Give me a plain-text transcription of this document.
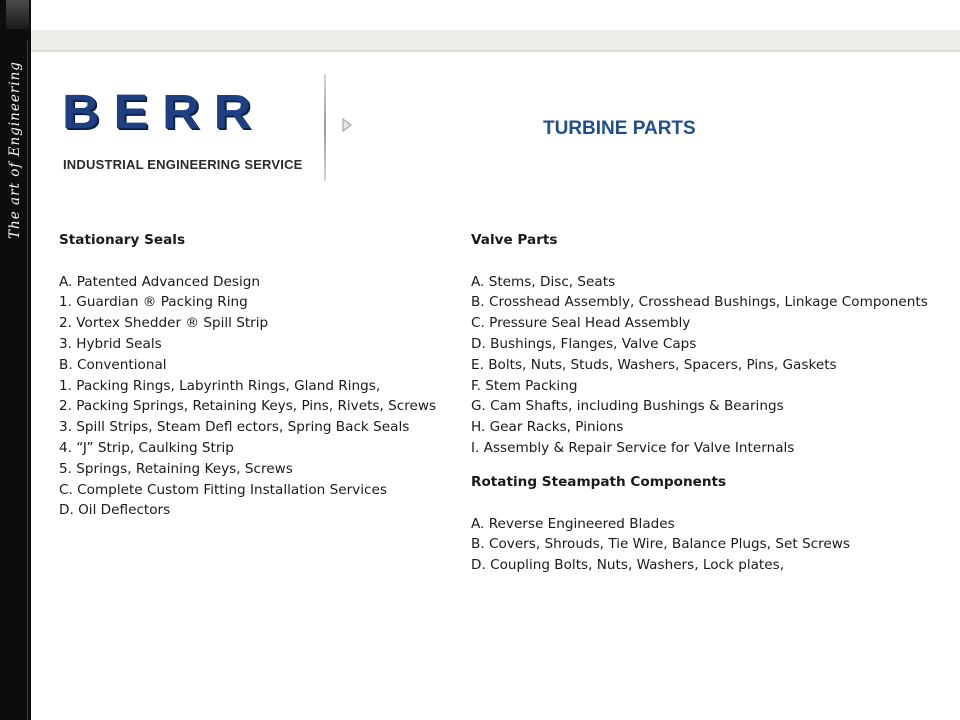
The art of Engineering BERR
INDUSTRIAL ENGINEERING SERVICE
TURBINE PARTS
Stationary Seals
A. Patented Advanced Design
1. Guardian ® Packing Ring
2. Vortex Shedder ® Spill Strip
3. Hybrid Seals
B. Conventional
1. Packing Rings, Labyrinth Rings, Gland Rings,
2. Packing Springs, Retaining Keys, Pins, Rivets, Screws
3. Spill Strips, Steam Defl ectors, Spring Back Seals
4. “J” Strip, Caulking Strip
5. Springs, Retaining Keys, Screws
C. Complete Custom Fitting Installation Services
D. Oil Deflectors
Valve Parts
A. Stems, Disc, Seats
B. Crosshead Assembly, Crosshead Bushings, Linkage Components
C. Pressure Seal Head Assembly
D. Bushings, Flanges, Valve Caps
E. Bolts, Nuts, Studs, Washers, Spacers, Pins, Gaskets
F. Stem Packing
G. Cam Shafts, including Bushings & Bearings
H. Gear Racks, Pinions
I. Assembly & Repair Service for Valve Internals
Rotating Steampath Components
A. Reverse Engineered Blades
B. Covers, Shrouds, Tie Wire, Balance Plugs, Set Screws
D. Coupling Bolts, Nuts, Washers, Lock plates,
